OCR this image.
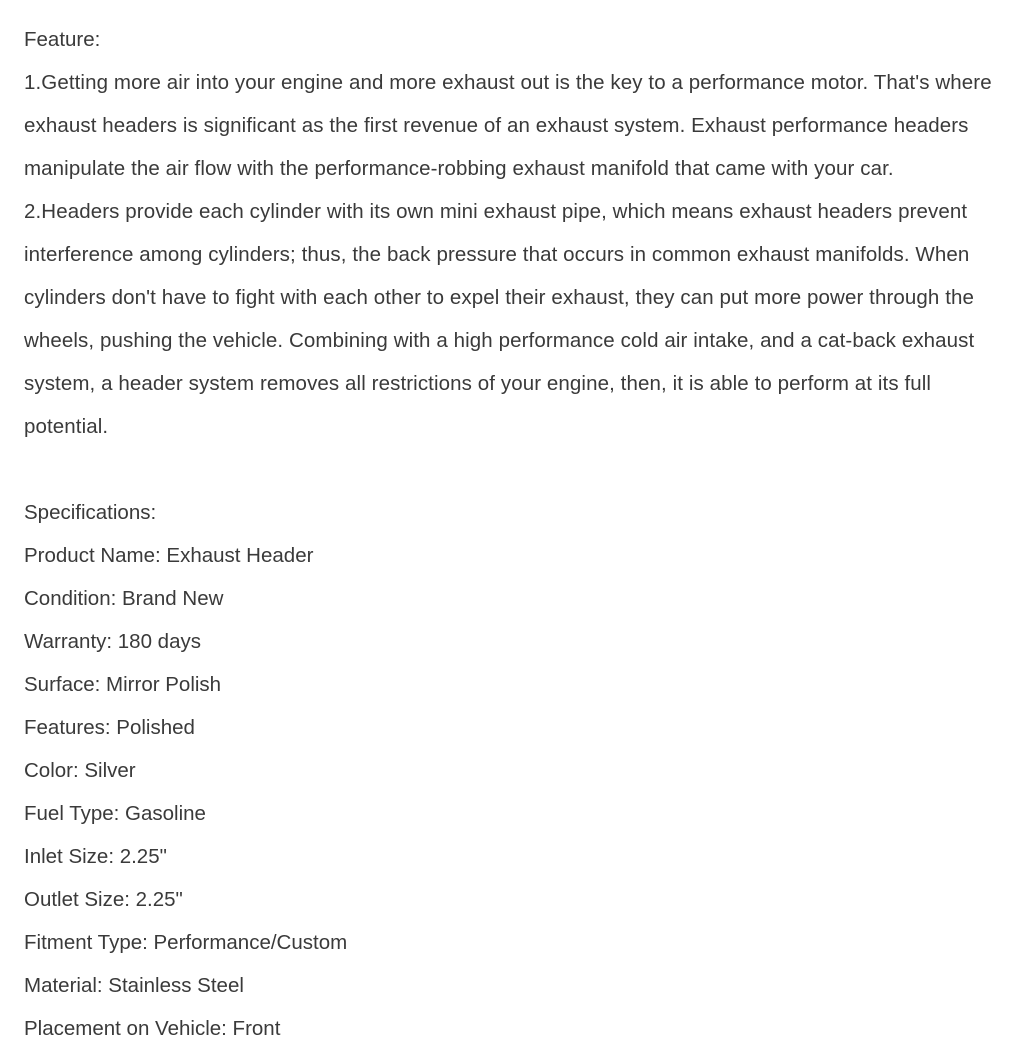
Feature:

1.Getting more air into your engine and more exhaust out is the key to a performance motor. That's where exhaust headers is significant as the first revenue of an exhaust system. Exhaust performance headers manipulate the air flow with the performance-robbing exhaust manifold that came with your car.

2.Headers provide each cylinder with its own mini exhaust pipe, which means exhaust headers prevent interference among cylinders; thus, the back pressure that occurs in common exhaust manifolds. When cylinders don't have to fight with each other to expel their exhaust, they can put more power through the wheels, pushing the vehicle. Combining with a high performance cold air intake, and a cat-back exhaust system, a header system removes all restrictions of your engine, then, it is able to perform at its full potential.

Specifications:
Product Name: Exhaust Header
Condition: Brand New
Warranty: 180 days
Surface: Mirror Polish
Features: Polished
Color: Silver
Fuel Type: Gasoline
Inlet Size: 2.25"
Outlet Size: 2.25"
Fitment Type: Performance/Custom
Material: Stainless Steel
Placement on Vehicle: Front
